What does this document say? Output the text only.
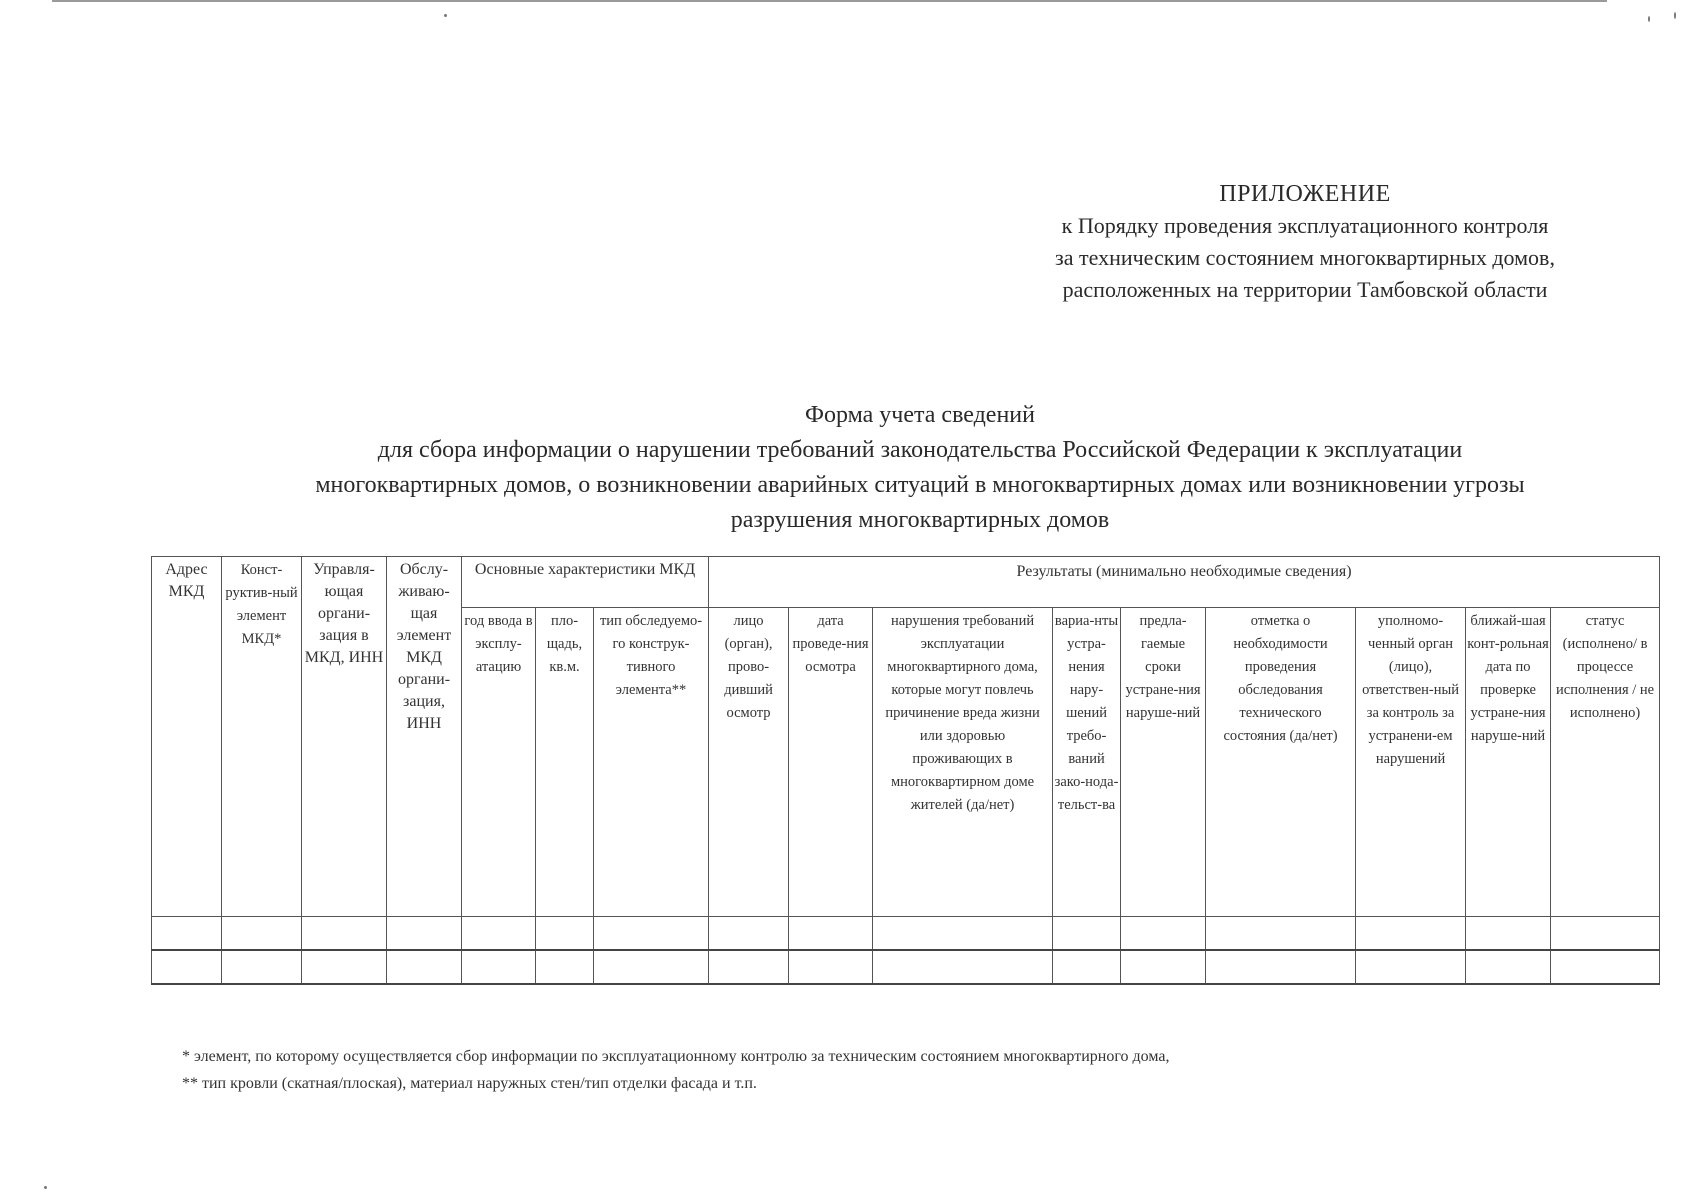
ПРИЛОЖЕНИЕ
к Порядку проведения эксплуатационного контроля
за техническим состоянием многоквартирных домов,
расположенных на территории Тамбовской области
Форма учета сведений
для сбора информации о нарушении требований законодательства Российской Федерации к эксплуатации
многоквартирных домов, о возникновении аварийных ситуаций в многоквартирных домах или возникновении угрозы
разрушения многоквартирных домов
Адрес МКД	Конст-руктив-ный элемент МКД*	Управля-ющая органи-зация в МКД, ИНН	Обслу-живаю-щая элемент МКД органи-зация, ИНН	Основные характеристики МКД			Результаты (минимально необходимые сведения)								
				год ввода в эксплу-атацию	пло-щадь, кв.м.	тип обследуемо-го конструк-тивного элемента**	лицо (орган), прово-дивший осмотр	дата проведе-ния осмотра	нарушения требований эксплуатации многоквартирного дома, которые могут повлечь причинение вреда жизни или здоровью проживающих в многоквартирном доме жителей (да/нет)	вариа-нты устра-нения нару-шений требо-ваний зако-нода-тельст-ва	предла-гаемые сроки устране-ния наруше-ний	отметка о необходимости проведения обследования технического состояния (да/нет)	уполномо-ченный орган (лицо), ответствен-ный за контроль за устранени-ем нарушений	ближай-шая конт-рольная дата по проверке устране-ния наруше-ний	статус (исполнено/ в процессе исполнения / не исполнено)

* элемент, по которому осуществляется сбор информации по эксплуатационному контролю за техническим состоянием многоквартирного дома,
** тип кровли (скатная/плоская), материал наружных стен/тип отделки фасада и т.п.
